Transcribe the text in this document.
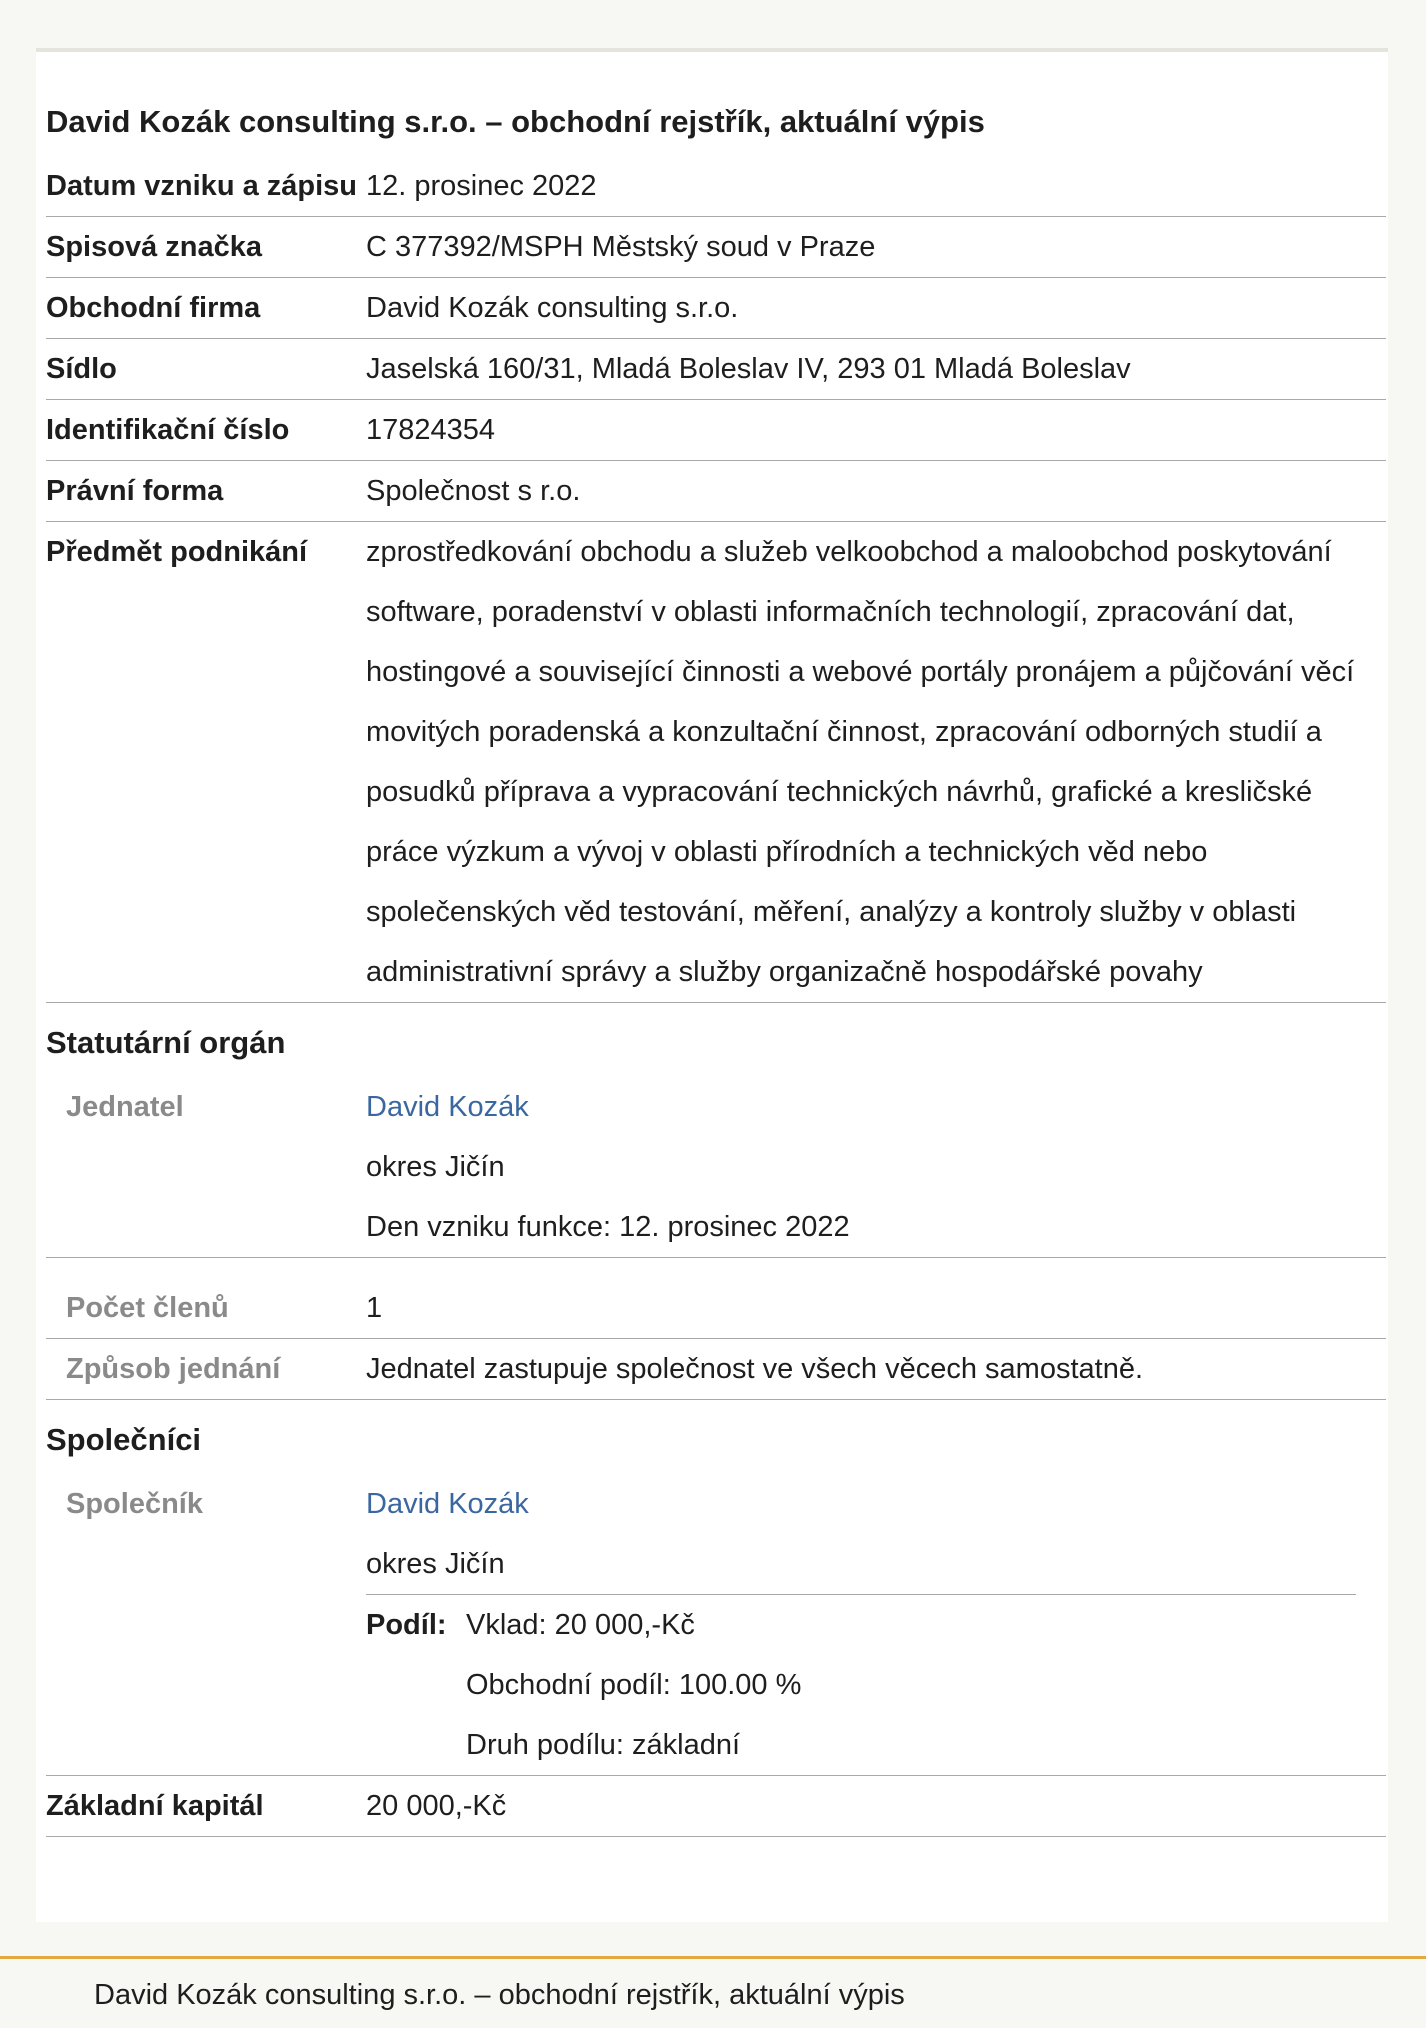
David Kozák consulting s.r.o. – obchodní rejstřík, aktuální výpis
Datum vzniku a zápisu 12. prosinec 2022
Spisová značka	C 377392/MSPH Městský soud v Praze
Obchodní firma	David Kozák consulting s.r.o.
Sídlo	Jaselská 160/31, Mladá Boleslav IV, 293 01 Mladá Boleslav
Identifikační číslo	17824354
Právní forma	Společnost s r.o.
Předmět podnikání	zprostředkování obchodu a služeb velkoobchod a maloobchod poskytování software, poradenství v oblasti informačních technologií, zpracování dat, hostingové a související činnosti a webové portály pronájem a půjčování věcí movitých poradenská a konzultační činnost, zpracování odborných studií a posudků příprava a vypracování technických návrhů, grafické a kresličské práce výzkum a vývoj v oblasti přírodních a technických věd nebo společenských věd testování, měření, analýzy a kontroly služby v oblasti administrativní správy a služby organizačně hospodářské povahy
Statutární orgán
Jednatel	David Kozák
okres Jičín
Den vzniku funkce: 12. prosinec 2022
Počet členů	1
Způsob jednání	Jednatel zastupuje společnost ve všech věcech samostatně.
Společníci
Společník	David Kozák
okres Jičín
Podíl: Vklad: 20 000,-Kč
Obchodní podíl: 100.00 %
Druh podílu: základní
Základní kapitál	20 000,-Kč
David Kozák consulting s.r.o. – obchodní rejstřík, aktuální výpis
